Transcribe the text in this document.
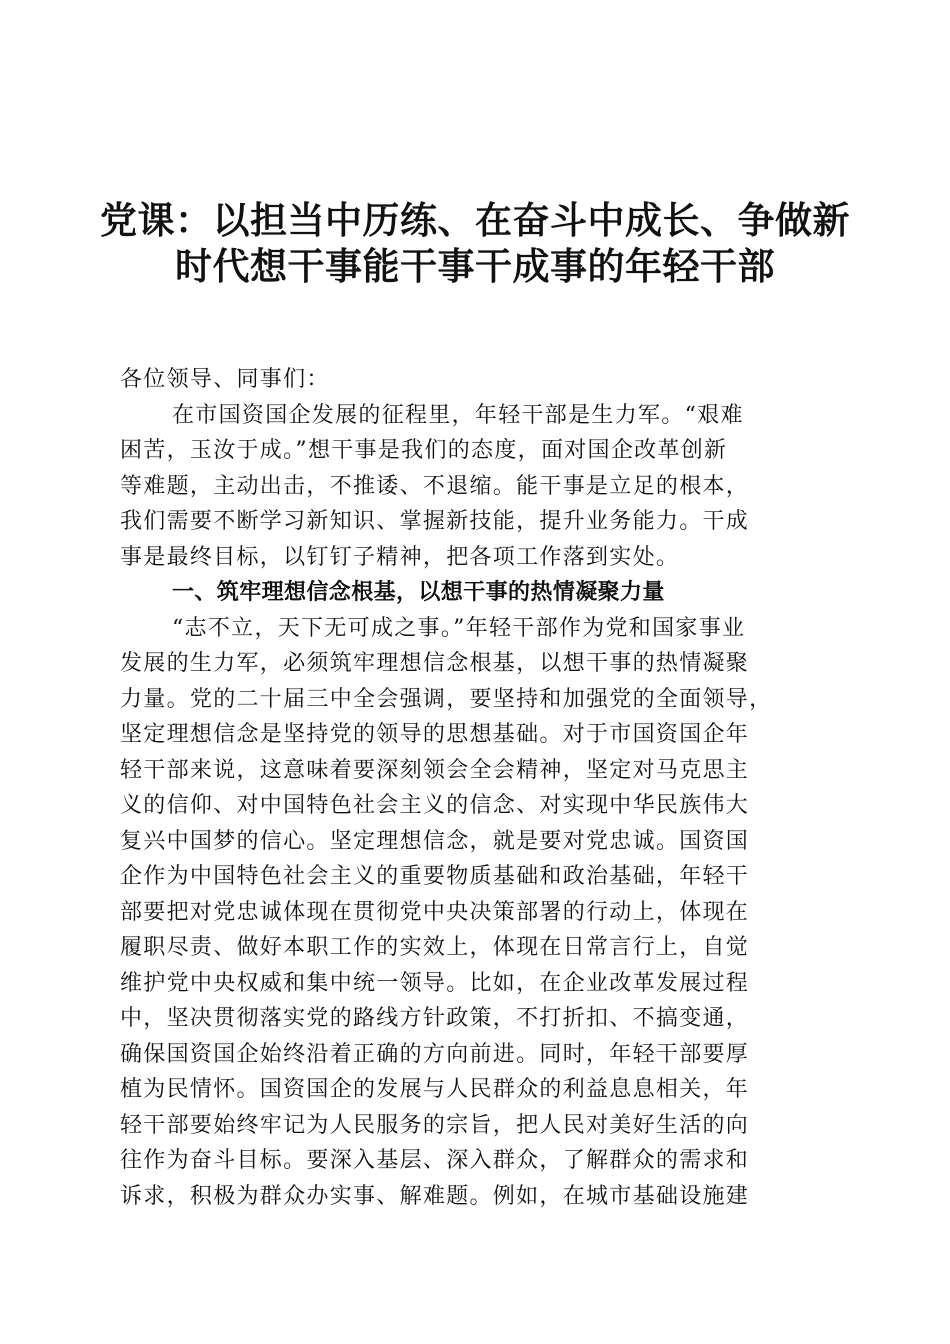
党课：以担当中历练、在奋斗中成长、争做新
时代想干事能干事干成事的年轻干部
各位领导、同事们：
在市国资国企发展的征程里，年轻干部是生力军。“艰难
困苦，玉汝于成。”想干事是我们的态度，面对国企改革创新
等难题，主动出击，不推诿、不退缩。能干事是立足的根本，
我们需要不断学习新知识、掌握新技能，提升业务能力。干成
事是最终目标，以钉钉子精神，把各项工作落到实处。
一、筑牢理想信念根基，以想干事的热情凝聚力量
“志不立，天下无可成之事。”年轻干部作为党和国家事业
发展的生力军，必须筑牢理想信念根基，以想干事的热情凝聚
力量。党的二十届三中全会强调，要坚持和加强党的全面领导，
坚定理想信念是坚持党的领导的思想基础。对于市国资国企年
轻干部来说，这意味着要深刻领会全会精神，坚定对马克思主
义的信仰、对中国特色社会主义的信念、对实现中华民族伟大
复兴中国梦的信心。坚定理想信念，就是要对党忠诚。国资国
企作为中国特色社会主义的重要物质基础和政治基础，年轻干
部要把对党忠诚体现在贯彻党中央决策部署的行动上，体现在
履职尽责、做好本职工作的实效上，体现在日常言行上，自觉
维护党中央权威和集中统一领导。比如，在企业改革发展过程
中，坚决贯彻落实党的路线方针政策，不打折扣、不搞变通，
确保国资国企始终沿着正确的方向前进。同时，年轻干部要厚
植为民情怀。国资国企的发展与人民群众的利益息息相关，年
轻干部要始终牢记为人民服务的宗旨，把人民对美好生活的向
往作为奋斗目标。要深入基层、深入群众，了解群众的需求和
诉求，积极为群众办实事、解难题。例如，在城市基础设施建
